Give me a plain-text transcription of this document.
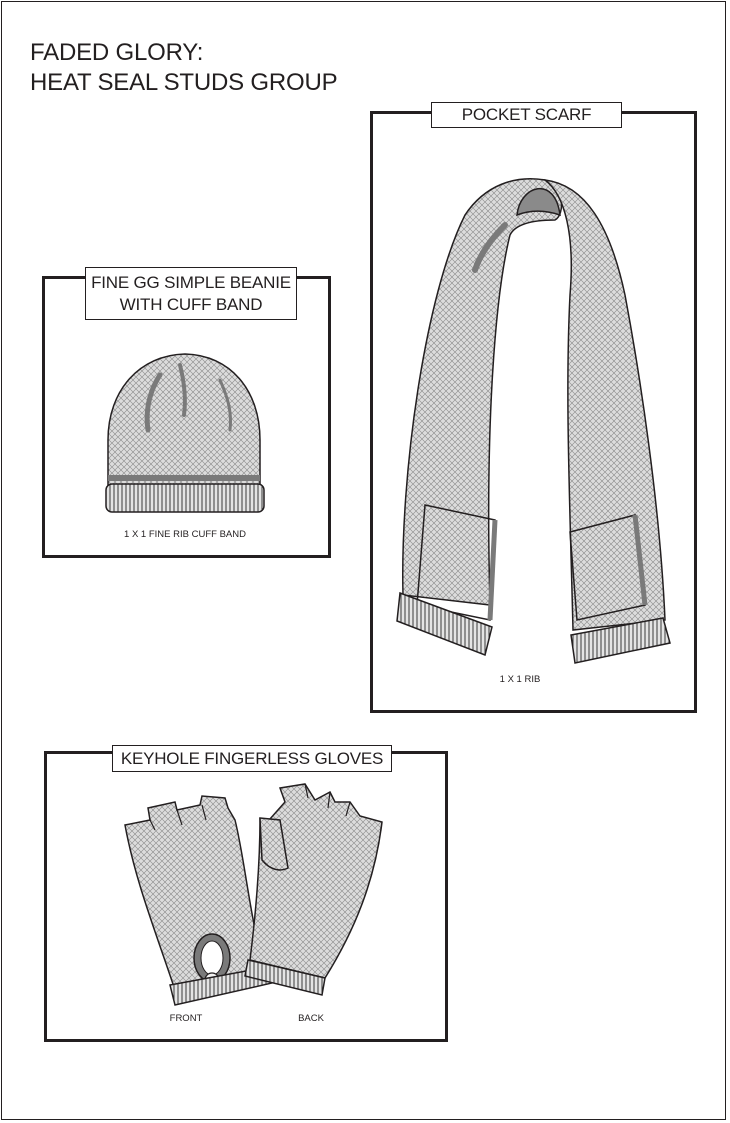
FADED GLORY:
HEAT SEAL STUDS GROUP
FINE GG SIMPLE BEANIE
WITH CUFF BAND
1 X 1 FINE RIB CUFF BAND
POCKET SCARF
1 X 1 RIB
KEYHOLE FINGERLESS GLOVES
FRONT	BACK
